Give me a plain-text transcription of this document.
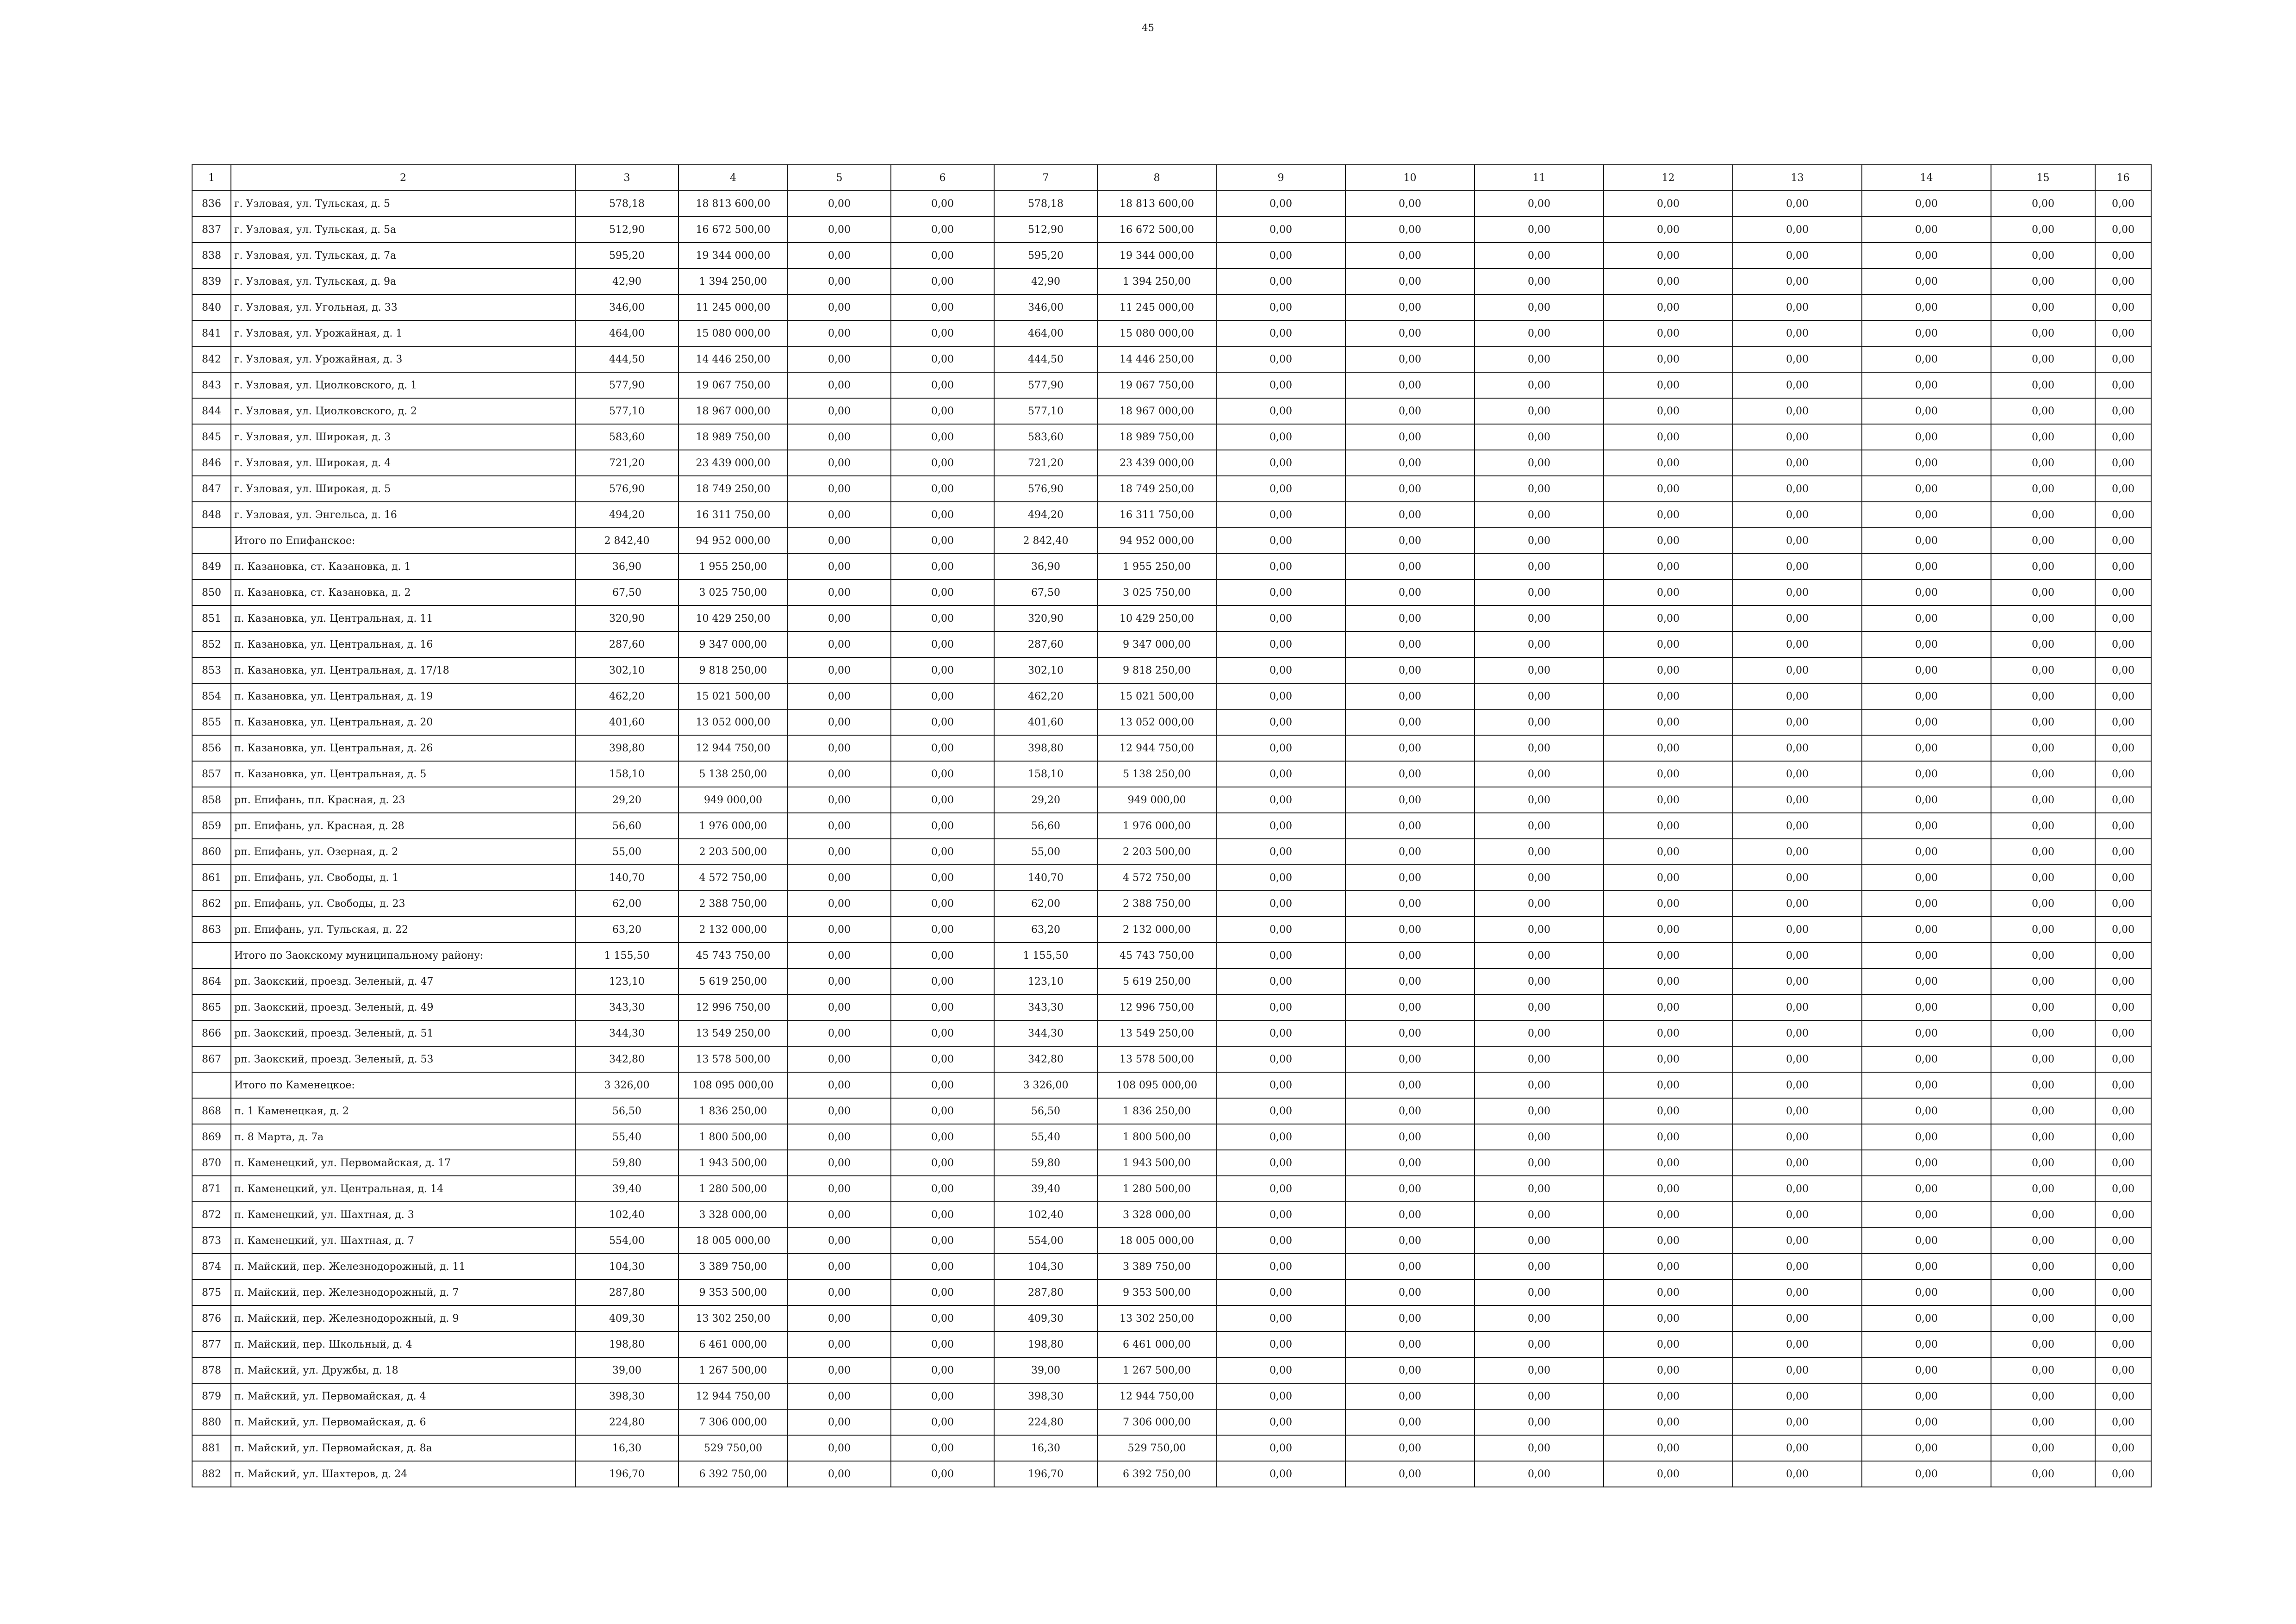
45
1	2	3	4	5	6	7	8	9	10	11	12	13	14	15	16
836	г. Узловая, ул. Тульская, д. 5	578,18	18 813 600,00	0,00	0,00	578,18	18 813 600,00	0,00	0,00	0,00	0,00	0,00	0,00	0,00	0,00
837	г. Узловая, ул. Тульская, д. 5а	512,90	16 672 500,00	0,00	0,00	512,90	16 672 500,00	0,00	0,00	0,00	0,00	0,00	0,00	0,00	0,00
838	г. Узловая, ул. Тульская, д. 7а	595,20	19 344 000,00	0,00	0,00	595,20	19 344 000,00	0,00	0,00	0,00	0,00	0,00	0,00	0,00	0,00
839	г. Узловая, ул. Тульская, д. 9а	42,90	1 394 250,00	0,00	0,00	42,90	1 394 250,00	0,00	0,00	0,00	0,00	0,00	0,00	0,00	0,00
840	г. Узловая, ул. Угольная, д. 33	346,00	11 245 000,00	0,00	0,00	346,00	11 245 000,00	0,00	0,00	0,00	0,00	0,00	0,00	0,00	0,00
841	г. Узловая, ул. Урожайная, д. 1	464,00	15 080 000,00	0,00	0,00	464,00	15 080 000,00	0,00	0,00	0,00	0,00	0,00	0,00	0,00	0,00
842	г. Узловая, ул. Урожайная, д. 3	444,50	14 446 250,00	0,00	0,00	444,50	14 446 250,00	0,00	0,00	0,00	0,00	0,00	0,00	0,00	0,00
843	г. Узловая, ул. Циолковского, д. 1	577,90	19 067 750,00	0,00	0,00	577,90	19 067 750,00	0,00	0,00	0,00	0,00	0,00	0,00	0,00	0,00
844	г. Узловая, ул. Циолковского, д. 2	577,10	18 967 000,00	0,00	0,00	577,10	18 967 000,00	0,00	0,00	0,00	0,00	0,00	0,00	0,00	0,00
845	г. Узловая, ул. Широкая, д. 3	583,60	18 989 750,00	0,00	0,00	583,60	18 989 750,00	0,00	0,00	0,00	0,00	0,00	0,00	0,00	0,00
846	г. Узловая, ул. Широкая, д. 4	721,20	23 439 000,00	0,00	0,00	721,20	23 439 000,00	0,00	0,00	0,00	0,00	0,00	0,00	0,00	0,00
847	г. Узловая, ул. Широкая, д. 5	576,90	18 749 250,00	0,00	0,00	576,90	18 749 250,00	0,00	0,00	0,00	0,00	0,00	0,00	0,00	0,00
848	г. Узловая, ул. Энгельса, д. 16	494,20	16 311 750,00	0,00	0,00	494,20	16 311 750,00	0,00	0,00	0,00	0,00	0,00	0,00	0,00	0,00
	Итого по Епифанское:	2 842,40	94 952 000,00	0,00	0,00	2 842,40	94 952 000,00	0,00	0,00	0,00	0,00	0,00	0,00	0,00	0,00
849	п. Казановка, ст. Казановка, д. 1	36,90	1 955 250,00	0,00	0,00	36,90	1 955 250,00	0,00	0,00	0,00	0,00	0,00	0,00	0,00	0,00
850	п. Казановка, ст. Казановка, д. 2	67,50	3 025 750,00	0,00	0,00	67,50	3 025 750,00	0,00	0,00	0,00	0,00	0,00	0,00	0,00	0,00
851	п. Казановка, ул. Центральная, д. 11	320,90	10 429 250,00	0,00	0,00	320,90	10 429 250,00	0,00	0,00	0,00	0,00	0,00	0,00	0,00	0,00
852	п. Казановка, ул. Центральная, д. 16	287,60	9 347 000,00	0,00	0,00	287,60	9 347 000,00	0,00	0,00	0,00	0,00	0,00	0,00	0,00	0,00
853	п. Казановка, ул. Центральная, д. 17/18	302,10	9 818 250,00	0,00	0,00	302,10	9 818 250,00	0,00	0,00	0,00	0,00	0,00	0,00	0,00	0,00
854	п. Казановка, ул. Центральная, д. 19	462,20	15 021 500,00	0,00	0,00	462,20	15 021 500,00	0,00	0,00	0,00	0,00	0,00	0,00	0,00	0,00
855	п. Казановка, ул. Центральная, д. 20	401,60	13 052 000,00	0,00	0,00	401,60	13 052 000,00	0,00	0,00	0,00	0,00	0,00	0,00	0,00	0,00
856	п. Казановка, ул. Центральная, д. 26	398,80	12 944 750,00	0,00	0,00	398,80	12 944 750,00	0,00	0,00	0,00	0,00	0,00	0,00	0,00	0,00
857	п. Казановка, ул. Центральная, д. 5	158,10	5 138 250,00	0,00	0,00	158,10	5 138 250,00	0,00	0,00	0,00	0,00	0,00	0,00	0,00	0,00
858	рп. Епифань, пл. Красная, д. 23	29,20	949 000,00	0,00	0,00	29,20	949 000,00	0,00	0,00	0,00	0,00	0,00	0,00	0,00	0,00
859	рп. Епифань, ул. Красная, д. 28	56,60	1 976 000,00	0,00	0,00	56,60	1 976 000,00	0,00	0,00	0,00	0,00	0,00	0,00	0,00	0,00
860	рп. Епифань, ул. Озерная, д. 2	55,00	2 203 500,00	0,00	0,00	55,00	2 203 500,00	0,00	0,00	0,00	0,00	0,00	0,00	0,00	0,00
861	рп. Епифань, ул. Свободы, д. 1	140,70	4 572 750,00	0,00	0,00	140,70	4 572 750,00	0,00	0,00	0,00	0,00	0,00	0,00	0,00	0,00
862	рп. Епифань, ул. Свободы, д. 23	62,00	2 388 750,00	0,00	0,00	62,00	2 388 750,00	0,00	0,00	0,00	0,00	0,00	0,00	0,00	0,00
863	рп. Епифань, ул. Тульская, д. 22	63,20	2 132 000,00	0,00	0,00	63,20	2 132 000,00	0,00	0,00	0,00	0,00	0,00	0,00	0,00	0,00
	Итого по Заокскому муниципальному району:	1 155,50	45 743 750,00	0,00	0,00	1 155,50	45 743 750,00	0,00	0,00	0,00	0,00	0,00	0,00	0,00	0,00
864	рп. Заокский, проезд. Зеленый, д. 47	123,10	5 619 250,00	0,00	0,00	123,10	5 619 250,00	0,00	0,00	0,00	0,00	0,00	0,00	0,00	0,00
865	рп. Заокский, проезд. Зеленый, д. 49	343,30	12 996 750,00	0,00	0,00	343,30	12 996 750,00	0,00	0,00	0,00	0,00	0,00	0,00	0,00	0,00
866	рп. Заокский, проезд. Зеленый, д. 51	344,30	13 549 250,00	0,00	0,00	344,30	13 549 250,00	0,00	0,00	0,00	0,00	0,00	0,00	0,00	0,00
867	рп. Заокский, проезд. Зеленый, д. 53	342,80	13 578 500,00	0,00	0,00	342,80	13 578 500,00	0,00	0,00	0,00	0,00	0,00	0,00	0,00	0,00
	Итого по Каменецкое:	3 326,00	108 095 000,00	0,00	0,00	3 326,00	108 095 000,00	0,00	0,00	0,00	0,00	0,00	0,00	0,00	0,00
868	п. 1 Каменецкая, д. 2	56,50	1 836 250,00	0,00	0,00	56,50	1 836 250,00	0,00	0,00	0,00	0,00	0,00	0,00	0,00	0,00
869	п. 8 Марта, д. 7а	55,40	1 800 500,00	0,00	0,00	55,40	1 800 500,00	0,00	0,00	0,00	0,00	0,00	0,00	0,00	0,00
870	п. Каменецкий, ул. Первомайская, д. 17	59,80	1 943 500,00	0,00	0,00	59,80	1 943 500,00	0,00	0,00	0,00	0,00	0,00	0,00	0,00	0,00
871	п. Каменецкий, ул. Центральная, д. 14	39,40	1 280 500,00	0,00	0,00	39,40	1 280 500,00	0,00	0,00	0,00	0,00	0,00	0,00	0,00	0,00
872	п. Каменецкий, ул. Шахтная, д. 3	102,40	3 328 000,00	0,00	0,00	102,40	3 328 000,00	0,00	0,00	0,00	0,00	0,00	0,00	0,00	0,00
873	п. Каменецкий, ул. Шахтная, д. 7	554,00	18 005 000,00	0,00	0,00	554,00	18 005 000,00	0,00	0,00	0,00	0,00	0,00	0,00	0,00	0,00
874	п. Майский, пер. Железнодорожный, д. 11	104,30	3 389 750,00	0,00	0,00	104,30	3 389 750,00	0,00	0,00	0,00	0,00	0,00	0,00	0,00	0,00
875	п. Майский, пер. Железнодорожный, д. 7	287,80	9 353 500,00	0,00	0,00	287,80	9 353 500,00	0,00	0,00	0,00	0,00	0,00	0,00	0,00	0,00
876	п. Майский, пер. Железнодорожный, д. 9	409,30	13 302 250,00	0,00	0,00	409,30	13 302 250,00	0,00	0,00	0,00	0,00	0,00	0,00	0,00	0,00
877	п. Майский, пер. Школьный, д. 4	198,80	6 461 000,00	0,00	0,00	198,80	6 461 000,00	0,00	0,00	0,00	0,00	0,00	0,00	0,00	0,00
878	п. Майский, ул. Дружбы, д. 18	39,00	1 267 500,00	0,00	0,00	39,00	1 267 500,00	0,00	0,00	0,00	0,00	0,00	0,00	0,00	0,00
879	п. Майский, ул. Первомайская, д. 4	398,30	12 944 750,00	0,00	0,00	398,30	12 944 750,00	0,00	0,00	0,00	0,00	0,00	0,00	0,00	0,00
880	п. Майский, ул. Первомайская, д. 6	224,80	7 306 000,00	0,00	0,00	224,80	7 306 000,00	0,00	0,00	0,00	0,00	0,00	0,00	0,00	0,00
881	п. Майский, ул. Первомайская, д. 8а	16,30	529 750,00	0,00	0,00	16,30	529 750,00	0,00	0,00	0,00	0,00	0,00	0,00	0,00	0,00
882	п. Майский, ул. Шахтеров, д. 24	196,70	6 392 750,00	0,00	0,00	196,70	6 392 750,00	0,00	0,00	0,00	0,00	0,00	0,00	0,00	0,00
